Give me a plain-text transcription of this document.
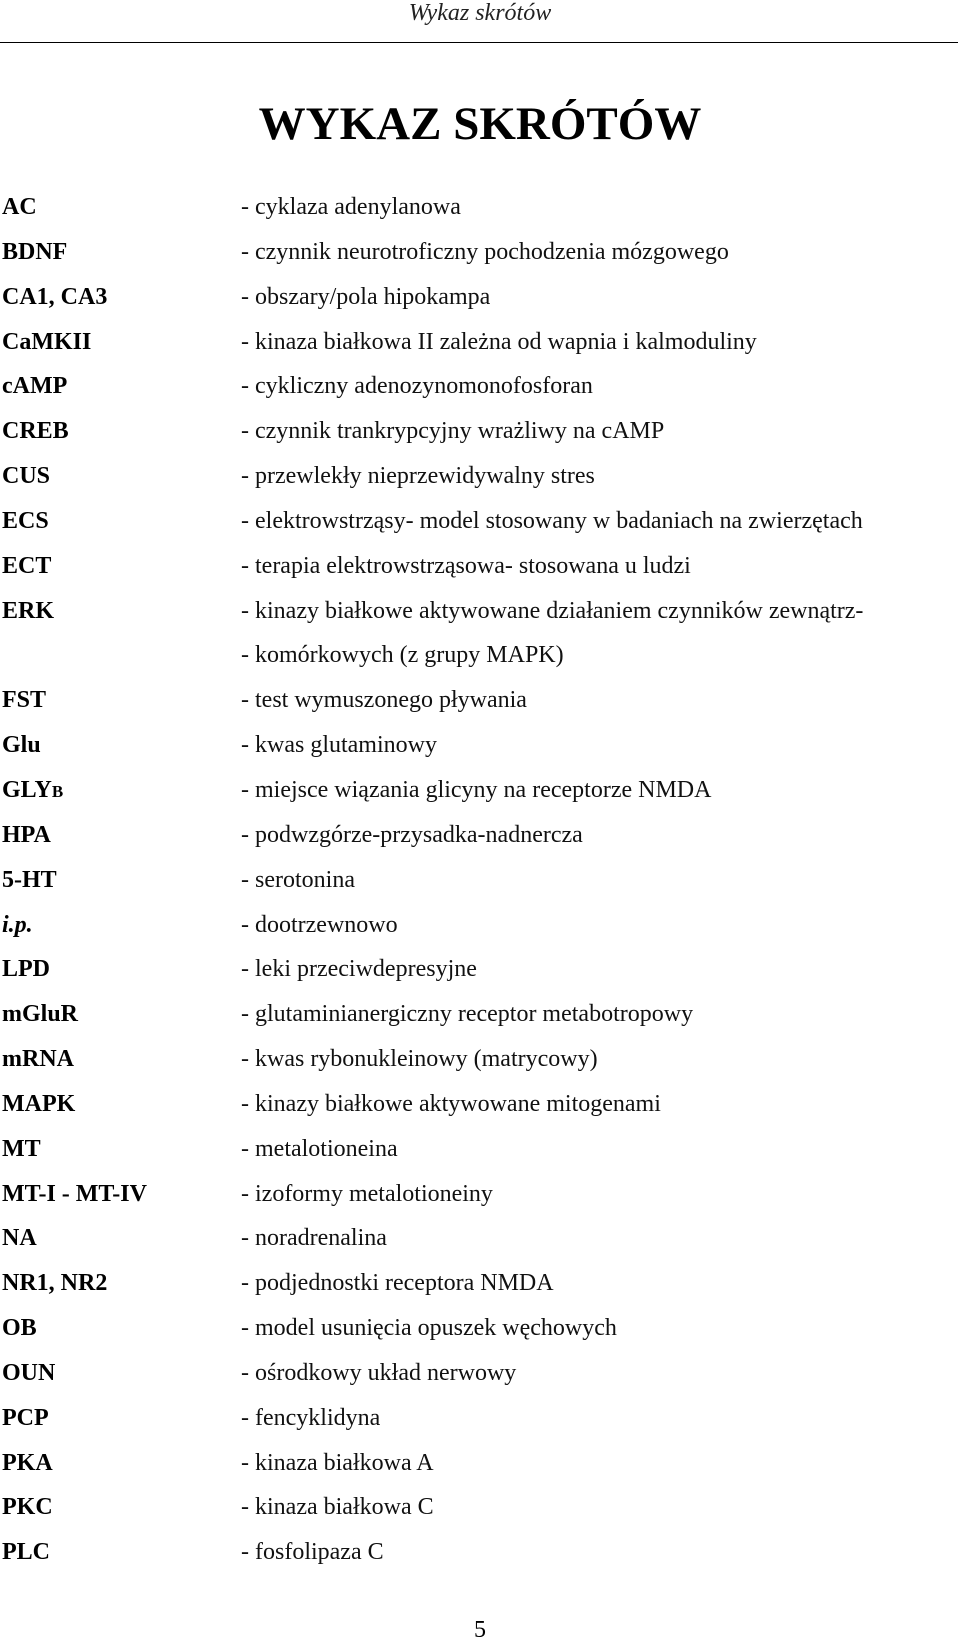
Wykaz skrótów
WYKAZ SKRÓTÓW
AC	- cyklaza adenylanowa
BDNF	- czynnik neurotroficzny pochodzenia mózgowego
CA1, CA3	- obszary/pola hipokampa
CaMKII	- kinaza białkowa II zależna od wapnia i kalmoduliny
cAMP	- cykliczny adenozynomonofosforan
CREB	- czynnik trankrypcyjny wrażliwy na cAMP
CUS	- przewlekły nieprzewidywalny stres
ECS	- elektrowstrząsy- model stosowany w badaniach na zwierzętach
ECT	- terapia elektrowstrząsowa- stosowana u ludzi
ERK	- kinazy białkowe aktywowane działaniem czynników zewnątrz-
- komórkowych (z grupy MAPK)
FST	- test wymuszonego pływania
Glu	- kwas glutaminowy
GLYB	- miejsce wiązania glicyny na receptorze NMDA
HPA	- podwzgórze-przysadka-nadnercza
5-HT	- serotonina
i.p.	- dootrzewnowo
LPD	- leki przeciwdepresyjne
mGluR	- glutaminianergiczny receptor metabotropowy
mRNA	- kwas rybonukleinowy (matrycowy)
MAPK	- kinazy białkowe aktywowane mitogenami
MT	- metalotioneina
MT-I - MT-IV	- izoformy metalotioneiny
NA	- noradrenalina
NR1, NR2	- podjednostki receptora NMDA
OB	- model usunięcia opuszek węchowych
OUN	- ośrodkowy układ nerwowy
PCP	- fencyklidyna
PKA	- kinaza białkowa A
PKC	- kinaza białkowa C
PLC	- fosfolipaza C
5
